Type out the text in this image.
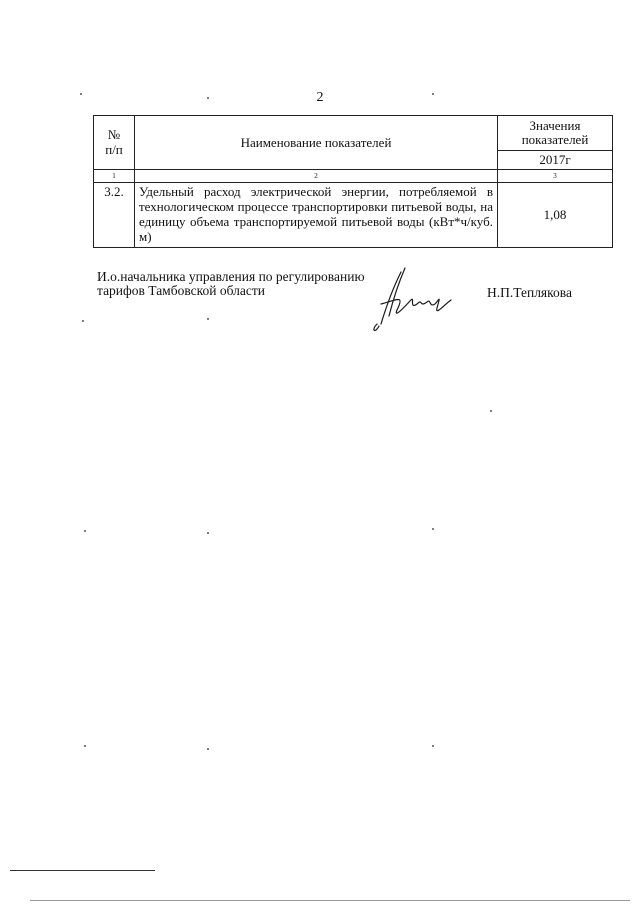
2
№
п/п	Наименование показателей	Значения показателей
		2017г
1	2	3
3.2.	Удельный расход электрической энергии, потребляемой в технологическом процессе транспортировки питьевой воды, на единицу объема транспортируемой питьевой воды (кВт*ч/куб. м)	1,08
И.о.начальника управления по регулированию
тарифов Тамбовской области	Н.П.Теплякова
